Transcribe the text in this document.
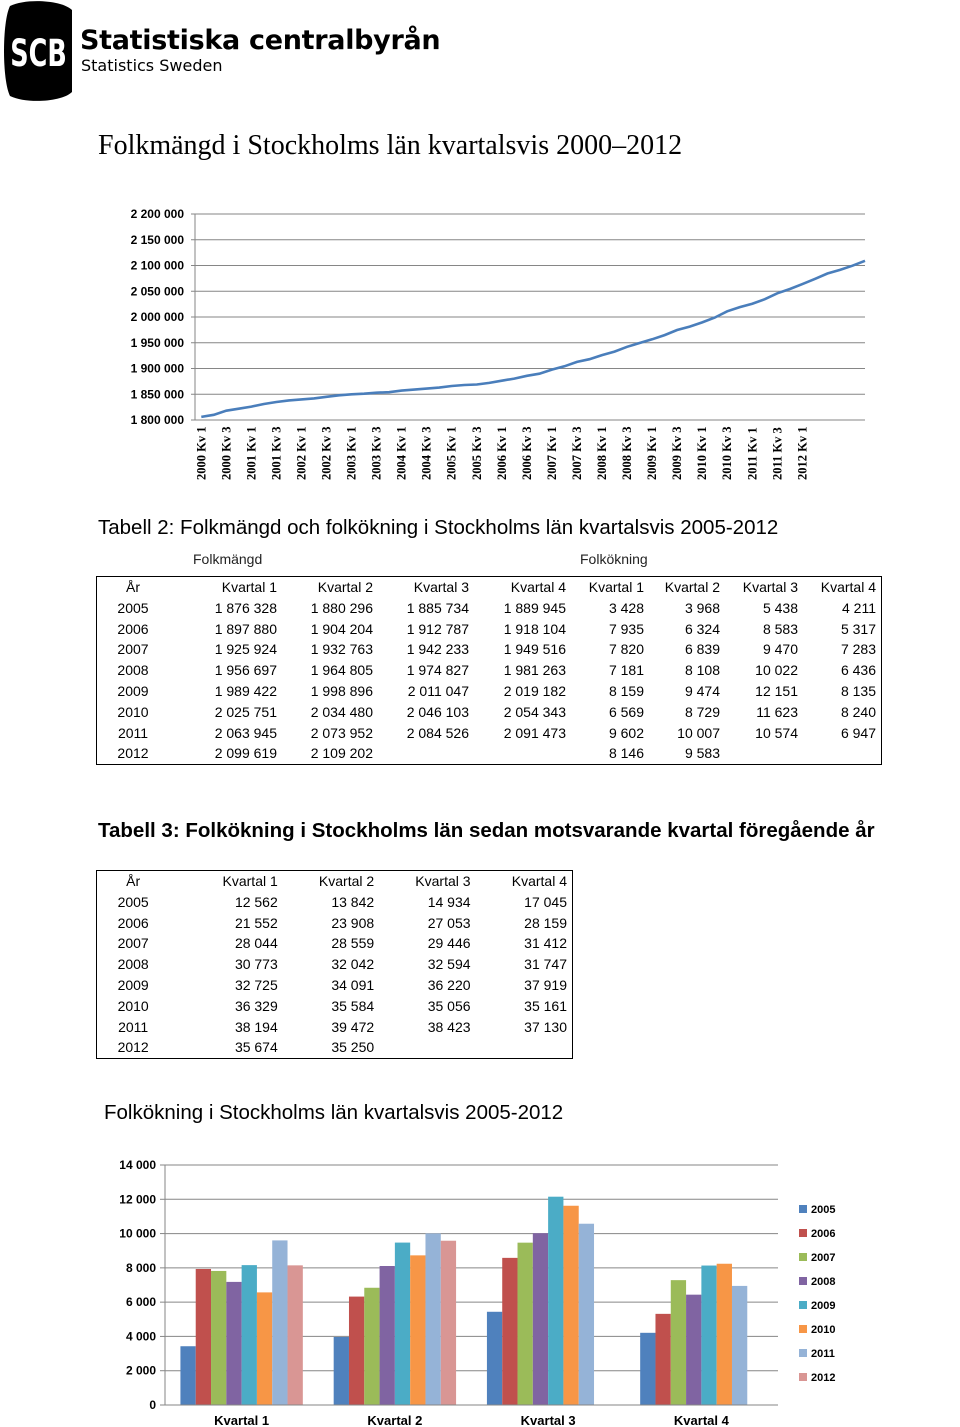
SCB Statistiska centralbyrån
Statistics Sweden
Folkmängd i Stockholms län kvartalsvis 2000–2012
1 800 000
1 850 000
1 900 000
1 950 000
2 000 000
2 050 000
2 100 000
2 150 000
2 200 000
2000 Kv 1 2000 Kv 3 2001 Kv 1 2001 Kv 3 2002 Kv 1 2002 Kv 3 2003 Kv 1 2003 Kv 3 2004 Kv 1 2004 Kv 3 2005 Kv 1 2005 Kv 3 2006 Kv 1 2006 Kv 3 2007 Kv 1 2007 Kv 3 2008 Kv 1 2008 Kv 3 2009 Kv 1 2009 Kv 3 2010 Kv 1 2010 Kv 3 2011 Kv 1 2011 Kv 3 2012 Kv 1
Tabell 2: Folkmängd och folkökning i Stockholms län kvartalsvis 2005-2012
Folkmängd	Folkökning
År	Kvartal 1	Kvartal 2	Kvartal 3	Kvartal 4	Kvartal 1	Kvartal 2	Kvartal 3	Kvartal 4
2005	1 876 328	1 880 296	1 885 734	1 889 945	3 428	3 968	5 438	4 211
2006	1 897 880	1 904 204	1 912 787	1 918 104	7 935	6 324	8 583	5 317
2007	1 925 924	1 932 763	1 942 233	1 949 516	7 820	6 839	9 470	7 283
2008	1 956 697	1 964 805	1 974 827	1 981 263	7 181	8 108	10 022	6 436
2009	1 989 422	1 998 896	2 011 047	2 019 182	8 159	9 474	12 151	8 135
2010	2 025 751	2 034 480	2 046 103	2 054 343	6 569	8 729	11 623	8 240
2011	2 063 945	2 073 952	2 084 526	2 091 473	9 602	10 007	10 574	6 947
2012	2 099 619	2 109 202			8 146	9 583		
Tabell 3: Folkökning i Stockholms län sedan motsvarande kvartal föregående år
År	Kvartal 1	Kvartal 2	Kvartal 3	Kvartal 4
2005	12 562	13 842	14 934	17 045
2006	21 552	23 908	27 053	28 159
2007	28 044	28 559	29 446	31 412
2008	30 773	32 042	32 594	31 747
2009	32 725	34 091	36 220	37 919
2010	36 329	35 584	35 056	35 161
2011	38 194	39 472	38 423	37 130
2012	35 674	35 250		
Folkökning i Stockholms län kvartalsvis 2005-2012
0
2 000
4 000
6 000
8 000
10 000
12 000
14 000
Kvartal 1	Kvartal 2	Kvartal 3	Kvartal 4
2005
2006
2007
2008
2009
2010
2011
2012
